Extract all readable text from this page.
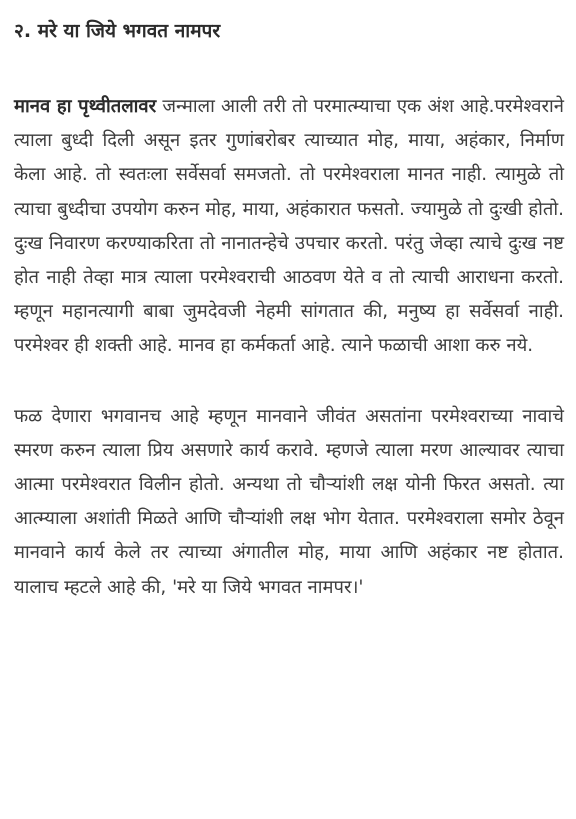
२. मरे या जिये भगवत नामपर

मानव हा पृथ्वीतलावर जन्माला आली तरी तो परमात्म्याचा एक अंश आहे.परमेश्वराने त्याला बुध्दी दिली असून इतर गुणांबरोबर त्याच्यात मोह, माया, अहंकार, निर्माण केला आहे. तो स्वतःला सर्वेसर्वा समजतो. तो परमेश्वराला मानत नाही. त्यामुळे तो त्याचा बुध्दीचा उपयोग करुन मोह, माया, अहंकारात फसतो. ज्यामुळे तो दुःखी होतो. दुःख निवारण करण्याकरिता तो नानातन्हेचे उपचार करतो. परंतु जेव्हा त्याचे दुःख नष्ट होत नाही तेव्हा मात्र त्याला परमेश्वराची आठवण येते व तो त्याची आराधना करतो. म्हणून महानत्यागी बाबा जुमदेवजी नेहमी सांगतात की, मनुष्य हा सर्वेसर्वा नाही. परमेश्वर ही शक्ती आहे. मानव हा कर्मकर्ता आहे. त्याने फळाची आशा करु नये.

फळ देणारा भगवानच आहे म्हणून मानवाने जीवंत असतांना परमेश्वराच्या नावाचे स्मरण करुन त्याला प्रिय असणारे कार्य करावे. म्हणजे त्याला मरण आल्यावर त्याचा आत्मा परमेश्वरात विलीन होतो. अन्यथा तो चौऱ्यांशी लक्ष योनी फिरत असतो. त्या आत्म्याला अशांती मिळते आणि चौऱ्यांशी लक्ष भोग येतात. परमेश्वराला समोर ठेवून मानवाने कार्य केले तर त्याच्या अंगातील मोह, माया आणि अहंकार नष्ट होतात. यालाच म्हटले आहे की, 'मरे या जिये भगवत नामपर।'
